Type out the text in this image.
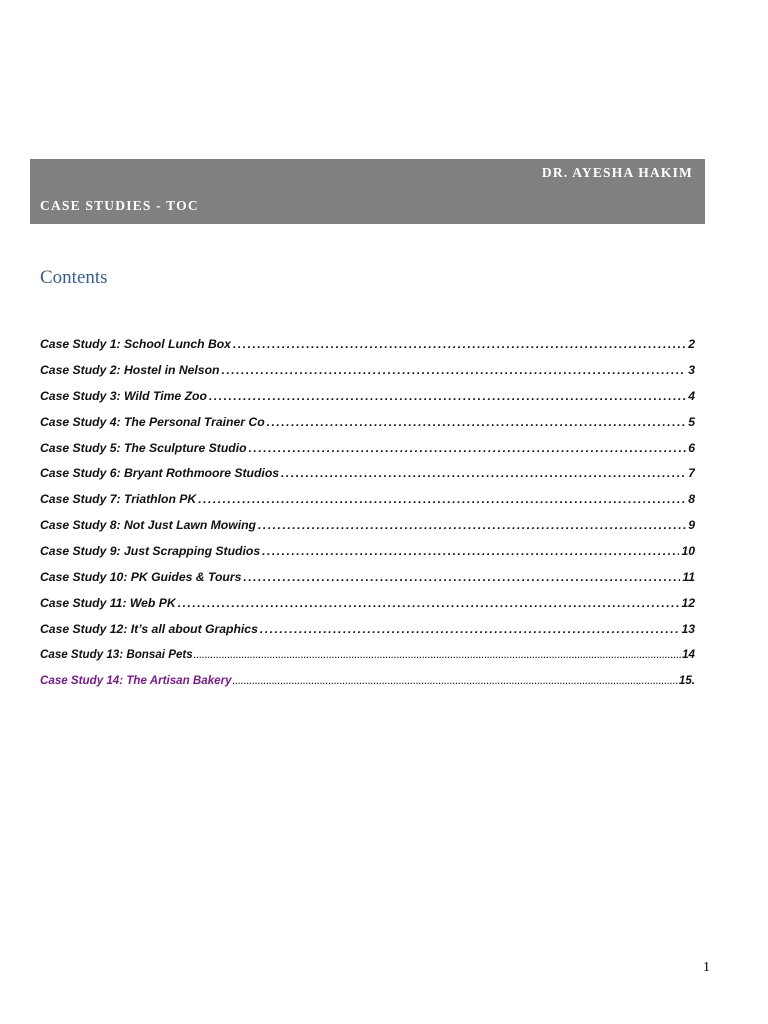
DR. AYESHA HAKIM
CASE STUDIES - TOC
Contents
Case Study 1: School Lunch Box .....	2
Case Study 2: Hostel in Nelson .....	3
Case Study 3: Wild Time Zoo .....	4
Case Study 4: The Personal Trainer Co .....	5
Case Study 5: The Sculpture Studio .....	6
Case Study 6: Bryant Rothmoore Studios .....	7
Case Study 7: Triathlon PK .....	8
Case Study 8: Not Just Lawn Mowing .....	9
Case Study 9: Just Scrapping Studios .....	10
Case Study 10: PK Guides & Tours .....	11
Case Study 11: Web PK .....	12
Case Study 12: It’s all about Graphics .....	13
Case Study 13: Bonsai Pets .....	14
Case Study 14: The Artisan Bakery .....	15.
1
